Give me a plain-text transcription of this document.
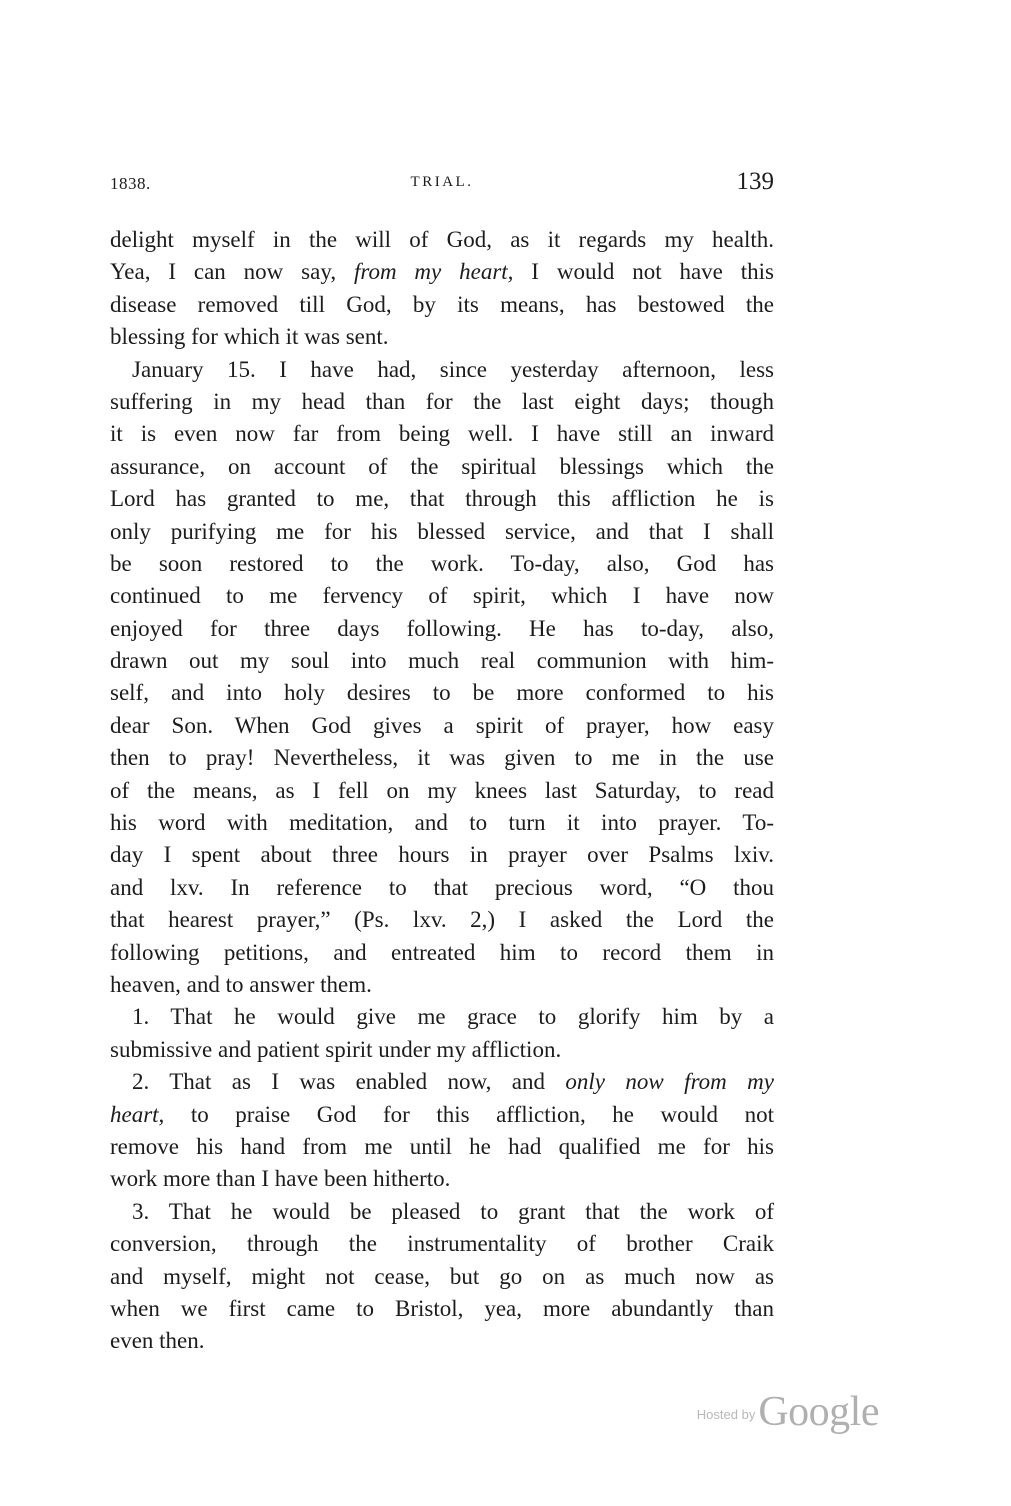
1838.	TRIAL.	139
delight myself in the will of God, as it regards my health.
Yea, I can now say, from my heart, I would not have this
disease removed till God, by its means, has bestowed the
blessing for which it was sent.
January 15. I have had, since yesterday afternoon, less
suffering in my head than for the last eight days; though
it is even now far from being well. I have still an inward
assurance, on account of the spiritual blessings which the
Lord has granted to me, that through this affliction he is
only purifying me for his blessed service, and that I shall
be soon restored to the work. To-day, also, God has
continued to me fervency of spirit, which I have now
enjoyed for three days following. He has to-day, also,
drawn out my soul into much real communion with him-
self, and into holy desires to be more conformed to his
dear Son. When God gives a spirit of prayer, how easy
then to pray! Nevertheless, it was given to me in the use
of the means, as I fell on my knees last Saturday, to read
his word with meditation, and to turn it into prayer. To-
day I spent about three hours in prayer over Psalms lxiv.
and lxv. In reference to that precious word, “O thou
that hearest prayer,” (Ps. lxv. 2,) I asked the Lord the
following petitions, and entreated him to record them in
heaven, and to answer them.
1. That he would give me grace to glorify him by a
submissive and patient spirit under my affliction.
2. That as I was enabled now, and only now from my
heart, to praise God for this affliction, he would not
remove his hand from me until he had qualified me for his
work more than I have been hitherto.
3. That he would be pleased to grant that the work of
conversion, through the instrumentality of brother Craik
and myself, might not cease, but go on as much now as
when we first came to Bristol, yea, more abundantly than
even then.
$^{Hosted by}$Google
